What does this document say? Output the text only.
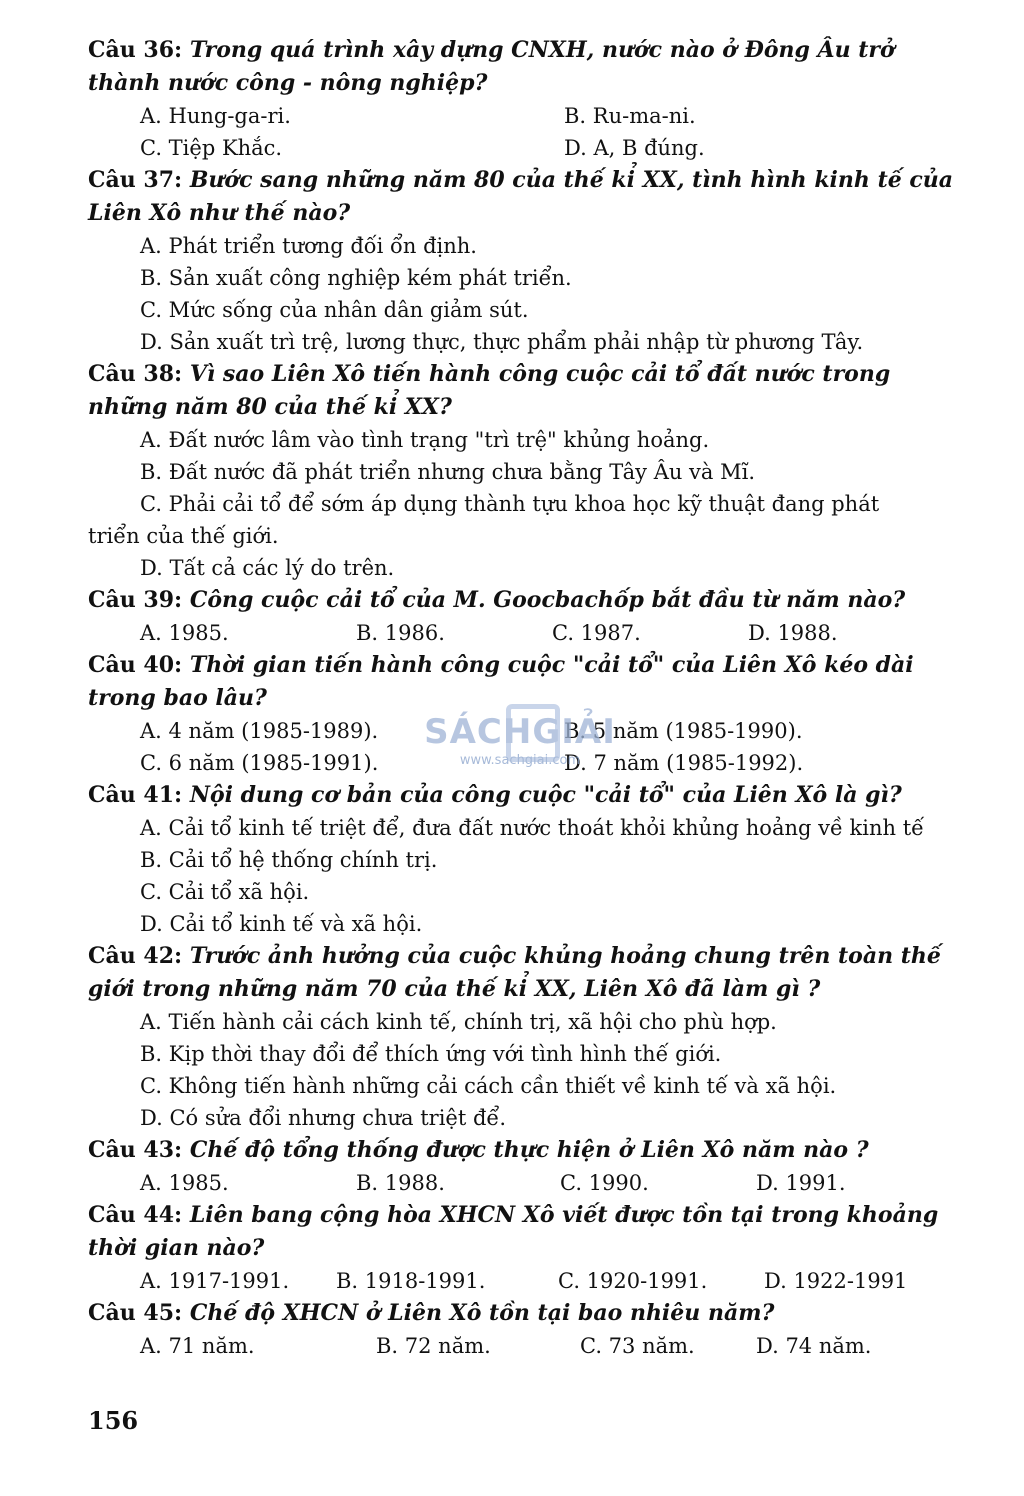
Câu 36: Trong quá trình xây dựng CNXH, nước nào ở Đông Âu trở thành nước công - nông nghiệp?
A. Hung-ga-ri.	B. Ru-ma-ni.
C. Tiệp Khắc.	D. A, B đúng.
Câu 37: Bước sang những năm 80 của thế kỉ XX, tình hình kinh tế của Liên Xô như thế nào?
A. Phát triển tương đối ổn định.
B. Sản xuất công nghiệp kém phát triển.
C. Mức sống của nhân dân giảm sút.
D. Sản xuất trì trệ, lương thực, thực phẩm phải nhập từ phương Tây.
Câu 38: Vì sao Liên Xô tiến hành công cuộc cải tổ đất nước trong những năm 80 của thế kỉ XX?
A. Đất nước lâm vào tình trạng "trì trệ" khủng hoảng.
B. Đất nước đã phát triển nhưng chưa bằng Tây Âu và Mĩ.
C. Phải cải tổ để sớm áp dụng thành tựu khoa học kỹ thuật đang phát
triển của thế giới.
D. Tất cả các lý do trên.
Câu 39: Công cuộc cải tổ của M. Goocbachốp bắt đầu từ năm nào?
A. 1985.	B. 1986.	C. 1987.	D. 1988.
Câu 40: Thời gian tiến hành công cuộc "cải tổ" của Liên Xô kéo dài trong bao lâu?
A. 4 năm (1985-1989).	B. 5 năm (1985-1990).
C. 6 năm (1985-1991).	D. 7 năm (1985-1992).
Câu 41: Nội dung cơ bản của công cuộc "cải tổ" của Liên Xô là gì?
A. Cải tổ kinh tế triệt để, đưa đất nước thoát khỏi khủng hoảng về kinh tế
B. Cải tổ hệ thống chính trị.
C. Cải tổ xã hội.
D. Cải tổ kinh tế và xã hội.
Câu 42: Trước ảnh hưởng của cuộc khủng hoảng chung trên toàn thế giới trong những năm 70 của thế kỉ XX, Liên Xô đã làm gì ?
A. Tiến hành cải cách kinh tế, chính trị, xã hội cho phù hợp.
B. Kịp thời thay đổi để thích ứng với tình hình thế giới.
C. Không tiến hành những cải cách cần thiết về kinh tế và xã hội.
D. Có sửa đổi nhưng chưa triệt để.
Câu 43: Chế độ tổng thống được thực hiện ở Liên Xô năm nào ?
A. 1985.	B. 1988.	C. 1990.	D. 1991.
Câu 44: Liên bang cộng hòa XHCN Xô viết được tồn tại trong khoảng thời gian nào?
A. 1917-1991.	B. 1918-1991.	C. 1920-1991.	D. 1922-1991
Câu 45: Chế độ XHCN ở Liên Xô tồn tại bao nhiêu năm?
A. 71 năm.	B. 72 năm.	C. 73 năm.	D. 74 năm.
SÁCHGIẢI
www.sachgiai.com
156
